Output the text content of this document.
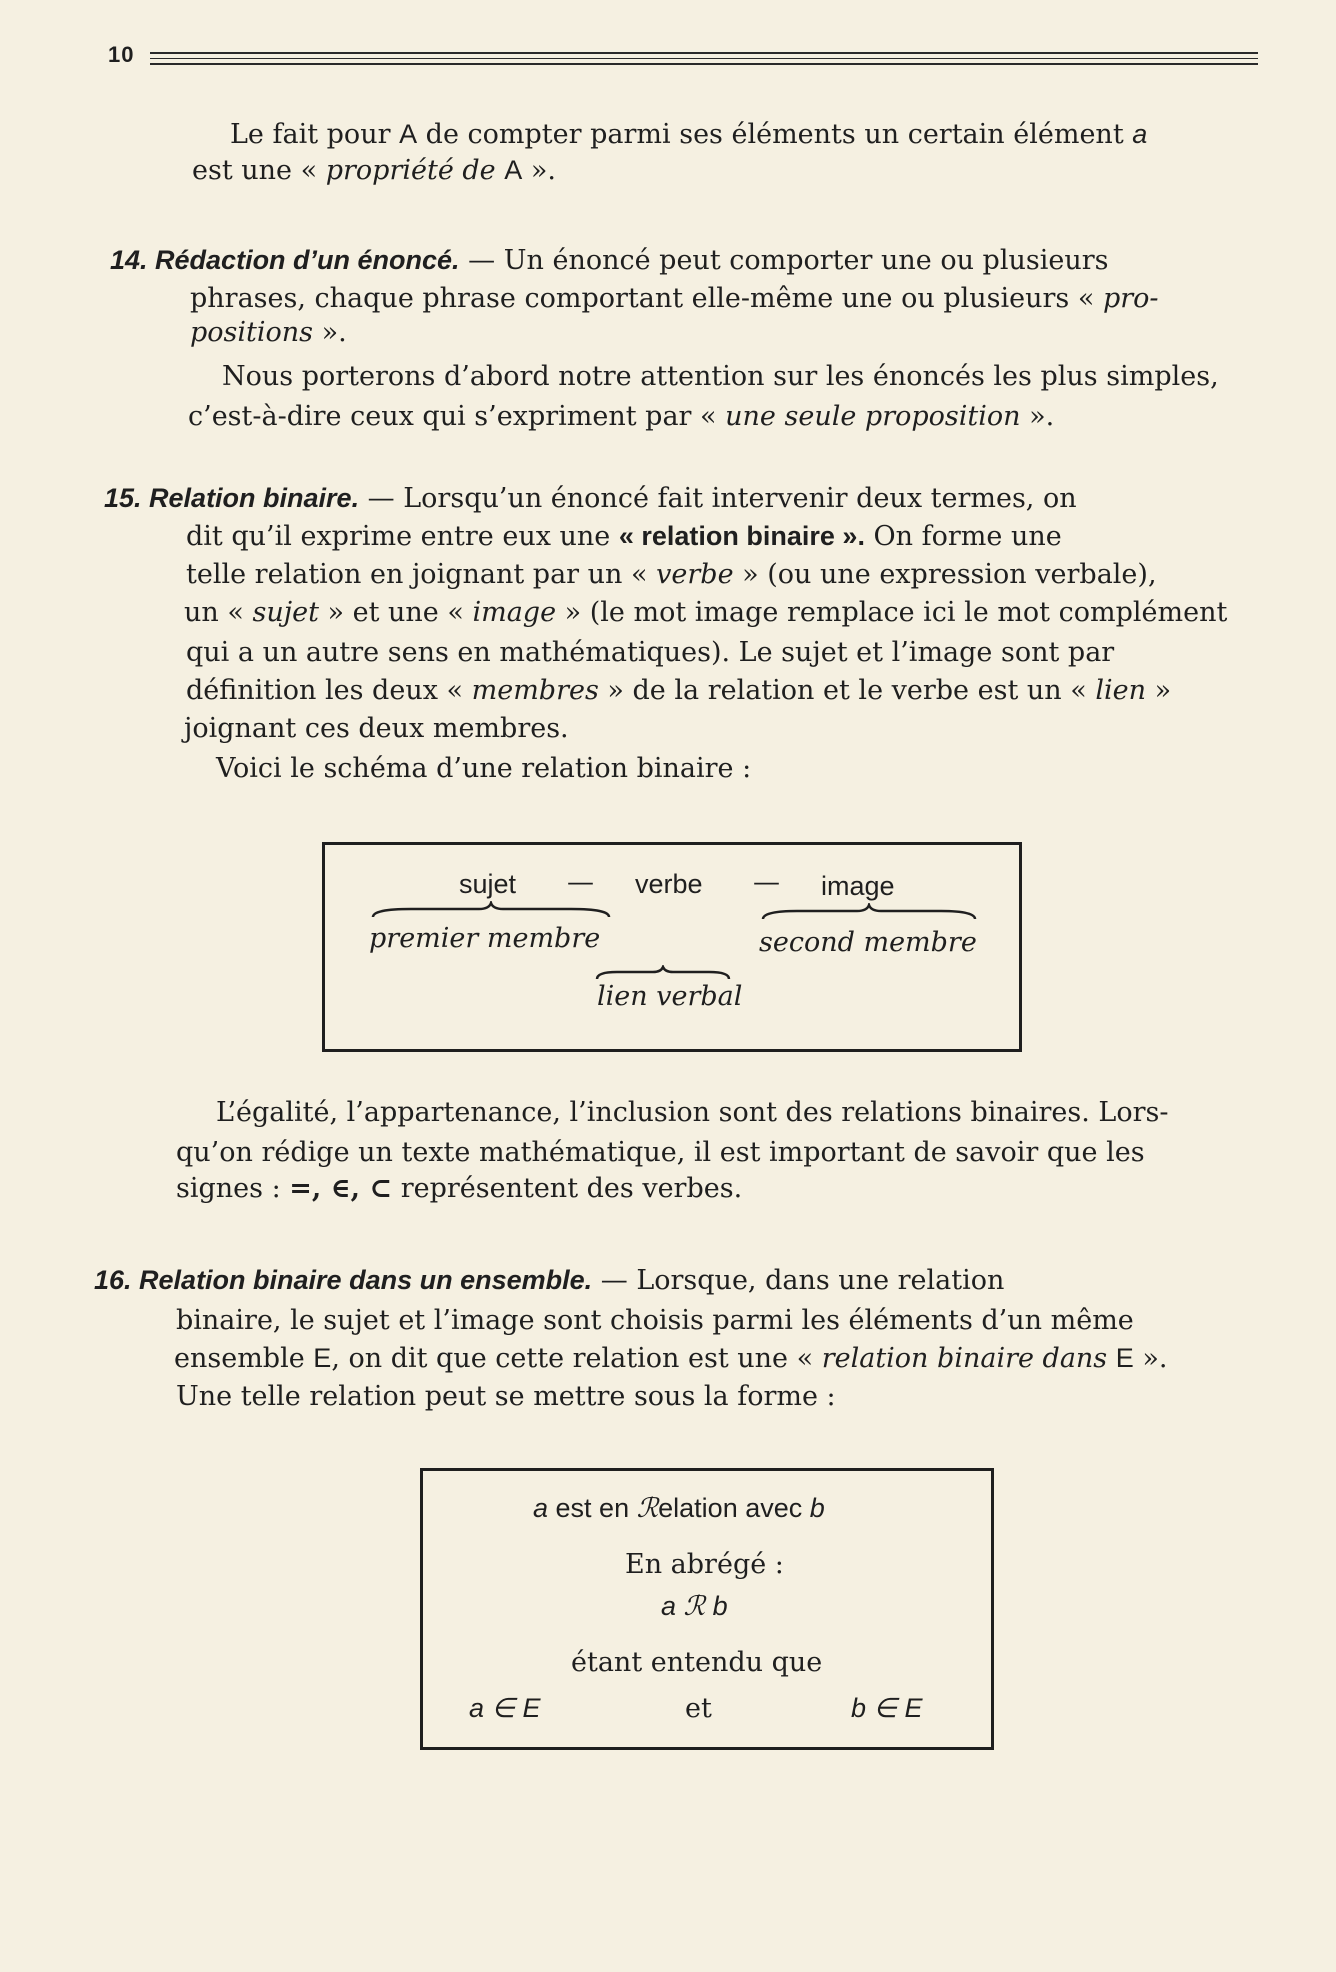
10
Le fait pour A de compter parmi ses éléments un certain élément a
est une « propriété de A ».
14. Rédaction d’un énoncé. — Un énoncé peut comporter une ou plusieurs
phrases, chaque phrase comportant elle-même une ou plusieurs « pro-
positions ».
Nous porterons d’abord notre attention sur les énoncés les plus simples,
c’est-à-dire ceux qui s’expriment par « une seule proposition ».
15. Relation binaire. — Lorsqu’un énoncé fait intervenir deux termes, on
dit qu’il exprime entre eux une « relation binaire ». On forme une
telle relation en joignant par un « verbe » (ou une expression verbale),
un « sujet » et une « image » (le mot image remplace ici le mot complément
qui a un autre sens en mathématiques). Le sujet et l’image sont par
définition les deux « membres » de la relation et le verbe est un « lien »
joignant ces deux membres.
Voici le schéma d’une relation binaire :
sujet — verbe — image
premier membre	second membre
lien verbal
L’égalité, l’appartenance, l’inclusion sont des relations binaires. Lors-
qu’on rédige un texte mathématique, il est important de savoir que les
signes : =, ∈, ⊂ représentent des verbes.
16. Relation binaire dans un ensemble. — Lorsque, dans une relation
binaire, le sujet et l’image sont choisis parmi les éléments d’un même
ensemble E, on dit que cette relation est une « relation binaire dans E ».
Une telle relation peut se mettre sous la forme :
a est en ℛelation avec b
En abrégé :
a ℛ b
étant entendu que
a ∈ E	et	b ∈ E
